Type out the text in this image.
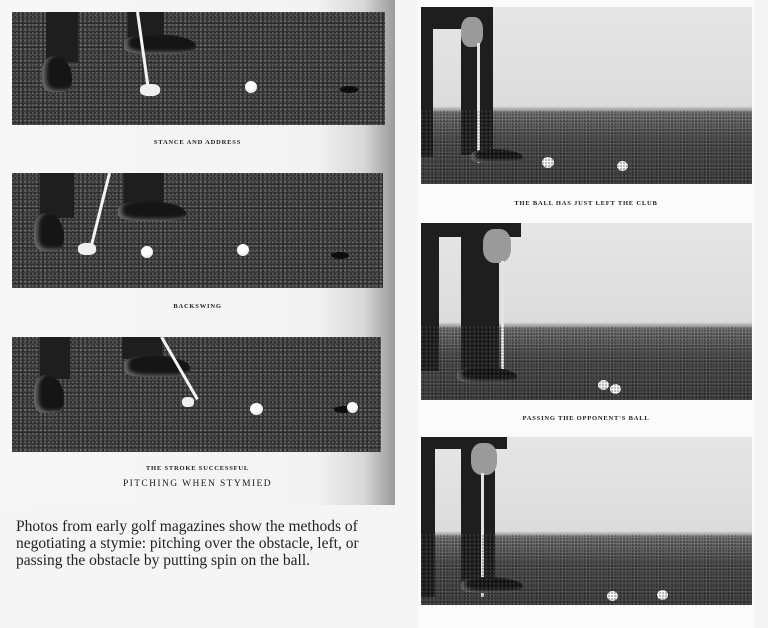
STANCE AND ADDRESS
BACKSWING
THE STROKE SUCCESSFUL
PITCHING WHEN STYMIED
Photos from early golf magazines show the methods of negotiating a stymie: pitching over the obstacle, left, or passing the obstacle by putting spin on the ball.
THE BALL HAS JUST LEFT THE CLUB
PASSING THE OPPONENT'S BALL
